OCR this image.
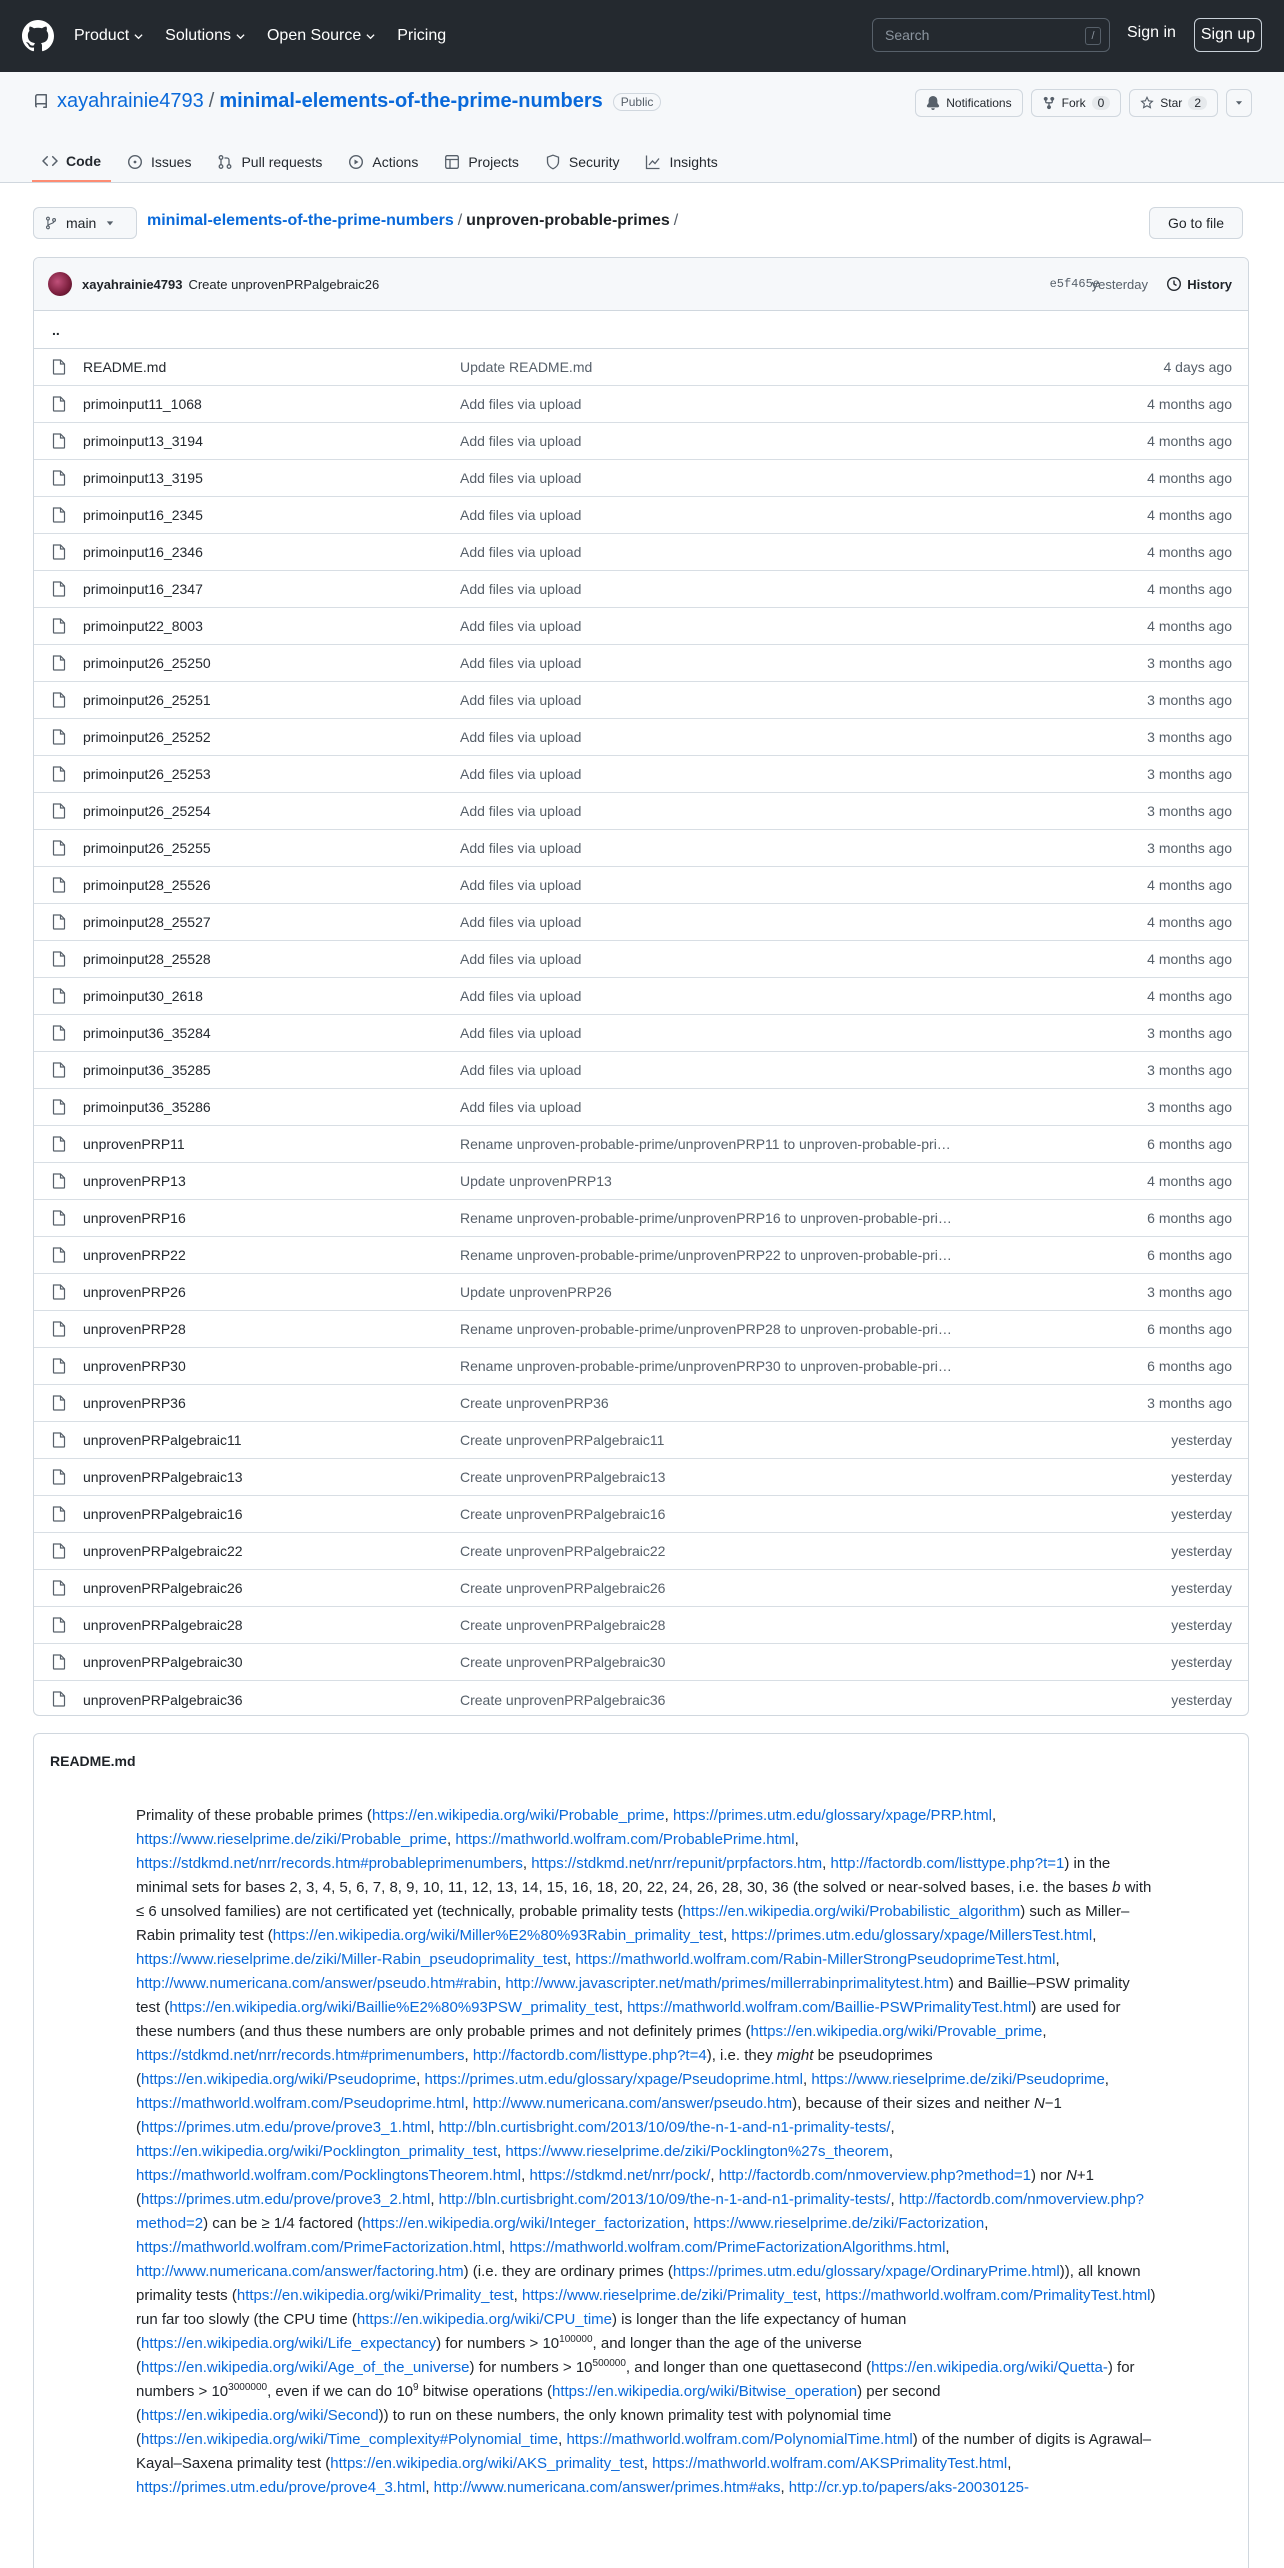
Product Solutions Open Source Pricing	Search	/	Sign in	Sign up
xayahrainie4793 / minimal-elements-of-the-prime-numbers	Public	Notifications	Fork	0	Star	2
Code	Issues	Pull requests	Actions	Projects	Security	Insights
main	minimal-elements-of-the-prime-numbers / unproven-probable-primes /	Go to file
xayahrainie4793 Create unprovenPRPalgebraic26	e5f465e
yesterday	History
..
README.md	Update README.md	4 days ago
primoinput11_1068	Add files via upload	4 months ago
primoinput13_3194	Add files via upload	4 months ago
primoinput13_3195	Add files via upload	4 months ago
primoinput16_2345	Add files via upload	4 months ago
primoinput16_2346	Add files via upload	4 months ago
primoinput16_2347	Add files via upload	4 months ago
primoinput22_8003	Add files via upload	4 months ago
primoinput26_25250	Add files via upload	3 months ago
primoinput26_25251	Add files via upload	3 months ago
primoinput26_25252	Add files via upload	3 months ago
primoinput26_25253	Add files via upload	3 months ago
primoinput26_25254	Add files via upload	3 months ago
primoinput26_25255	Add files via upload	3 months ago
primoinput28_25526	Add files via upload	4 months ago
primoinput28_25527	Add files via upload	4 months ago
primoinput28_25528	Add files via upload	4 months ago
primoinput30_2618	Add files via upload	4 months ago
primoinput36_35284	Add files via upload	3 months ago
primoinput36_35285	Add files via upload	3 months ago
primoinput36_35286	Add files via upload	3 months ago
unprovenPRP11	Rename unproven-probable-prime/unprovenPRP11 to unproven-probable-pri…	6 months ago
unprovenPRP13	Update unprovenPRP13	4 months ago
unprovenPRP16	Rename unproven-probable-prime/unprovenPRP16 to unproven-probable-pri…	6 months ago
unprovenPRP22	Rename unproven-probable-prime/unprovenPRP22 to unproven-probable-pri…	6 months ago
unprovenPRP26	Update unprovenPRP26	3 months ago
unprovenPRP28	Rename unproven-probable-prime/unprovenPRP28 to unproven-probable-pri…	6 months ago
unprovenPRP30	Rename unproven-probable-prime/unprovenPRP30 to unproven-probable-pri…	6 months ago
unprovenPRP36	Create unprovenPRP36	3 months ago
unprovenPRPalgebraic11	Create unprovenPRPalgebraic11	yesterday
unprovenPRPalgebraic13	Create unprovenPRPalgebraic13	yesterday
unprovenPRPalgebraic16	Create unprovenPRPalgebraic16	yesterday
unprovenPRPalgebraic22	Create unprovenPRPalgebraic22	yesterday
unprovenPRPalgebraic26	Create unprovenPRPalgebraic26	yesterday
unprovenPRPalgebraic28	Create unprovenPRPalgebraic28	yesterday
unprovenPRPalgebraic30	Create unprovenPRPalgebraic30	yesterday
unprovenPRPalgebraic36	Create unprovenPRPalgebraic36	yesterday
README.md
Primality of these probable primes (https://en.wikipedia.org/wiki/Probable_prime, https://primes.utm.edu/glossary/xpage/PRP.html, https://www.rieselprime.de/ziki/Probable_prime, https://mathworld.wolfram.com/ProbablePrime.html, https://stdkmd.net/nrr/records.htm#probableprimenumbers, https://stdkmd.net/nrr/repunit/prpfactors.htm, http://factordb.com/listtype.php?t=1) in the minimal sets for bases 2, 3, 4, 5, 6, 7, 8, 9, 10, 11, 12, 13, 14, 15, 16, 18, 20, 22, 24, 26, 28, 30, 36 (the solved or near-solved bases, i.e. the bases b with ≤ 6 unsolved families) are not certificated yet (technically, probable primality tests (https://en.wikipedia.org/wiki/Probabilistic_algorithm) such as Miller–Rabin primality test (https://en.wikipedia.org/wiki/Miller%E2%80%93Rabin_primality_test, https://primes.utm.edu/glossary/xpage/MillersTest.html, https://www.rieselprime.de/ziki/Miller-Rabin_pseudoprimality_test, https://mathworld.wolfram.com/Rabin-MillerStrongPseudoprimeTest.html, http://www.numericana.com/answer/pseudo.htm#rabin, http://www.javascripter.net/math/primes/millerrabinprimalitytest.htm) and Baillie–PSW primality test (https://en.wikipedia.org/wiki/Baillie%E2%80%93PSW_primality_test, https://mathworld.wolfram.com/Baillie-PSWPrimalityTest.html) are used for these numbers (and thus these numbers are only probable primes and not definitely primes (https://en.wikipedia.org/wiki/Provable_prime, https://stdkmd.net/nrr/records.htm#primenumbers, http://factordb.com/listtype.php?t=4), i.e. they might be pseudoprimes (https://en.wikipedia.org/wiki/Pseudoprime, https://primes.utm.edu/glossary/xpage/Pseudoprime.html, https://www.rieselprime.de/ziki/Pseudoprime, https://mathworld.wolfram.com/Pseudoprime.html, http://www.numericana.com/answer/pseudo.htm), because of their sizes and neither N−1 (https://primes.utm.edu/prove/prove3_1.html, http://bln.curtisbright.com/2013/10/09/the-n-1-and-n1-primality-tests/, https://en.wikipedia.org/wiki/Pocklington_primality_test, https://www.rieselprime.de/ziki/Pocklington%27s_theorem, https://mathworld.wolfram.com/PocklingtonsTheorem.html, https://stdkmd.net/nrr/pock/, http://factordb.com/nmoverview.php?method=1) nor N+1 (https://primes.utm.edu/prove/prove3_2.html, http://bln.curtisbright.com/2013/10/09/the-n-1-and-n1-primality-tests/, http://factordb.com/nmoverview.php?method=2) can be ≥ 1/4 factored (https://en.wikipedia.org/wiki/Integer_factorization, https://www.rieselprime.de/ziki/Factorization, https://mathworld.wolfram.com/PrimeFactorization.html, https://mathworld.wolfram.com/PrimeFactorizationAlgorithms.html, http://www.numericana.com/answer/factoring.htm) (i.e. they are ordinary primes (https://primes.utm.edu/glossary/xpage/OrdinaryPrime.html)), all known primality tests (https://en.wikipedia.org/wiki/Primality_test, https://www.rieselprime.de/ziki/Primality_test, https://mathworld.wolfram.com/PrimalityTest.html) run far too slowly (the CPU time (https://en.wikipedia.org/wiki/CPU_time) is longer than the life expectancy of human (https://en.wikipedia.org/wiki/Life_expectancy) for numbers > $10^{100000}$, and longer than the age of the universe (https://en.wikipedia.org/wiki/Age_of_the_universe) for numbers > $10^{500000}$, and longer than one quettasecond (https://en.wikipedia.org/wiki/Quetta-) for numbers > $10^{3000000}$, even if we can do $10^9$ bitwise operations (https://en.wikipedia.org/wiki/Bitwise_operation) per second (https://en.wikipedia.org/wiki/Second)) to run on these numbers, the only known primality test with polynomial time (https://en.wikipedia.org/wiki/Time_complexity#Polynomial_time, https://mathworld.wolfram.com/PolynomialTime.html) of the number of digits is Agrawal–Kayal–Saxena primality test (https://en.wikipedia.org/wiki/AKS_primality_test, https://mathworld.wolfram.com/AKSPrimalityTest.html, https://primes.utm.edu/prove/prove4_3.html, http://www.numericana.com/answer/primes.htm#aks, http://cr.yp.to/papers/aks-20030125-
